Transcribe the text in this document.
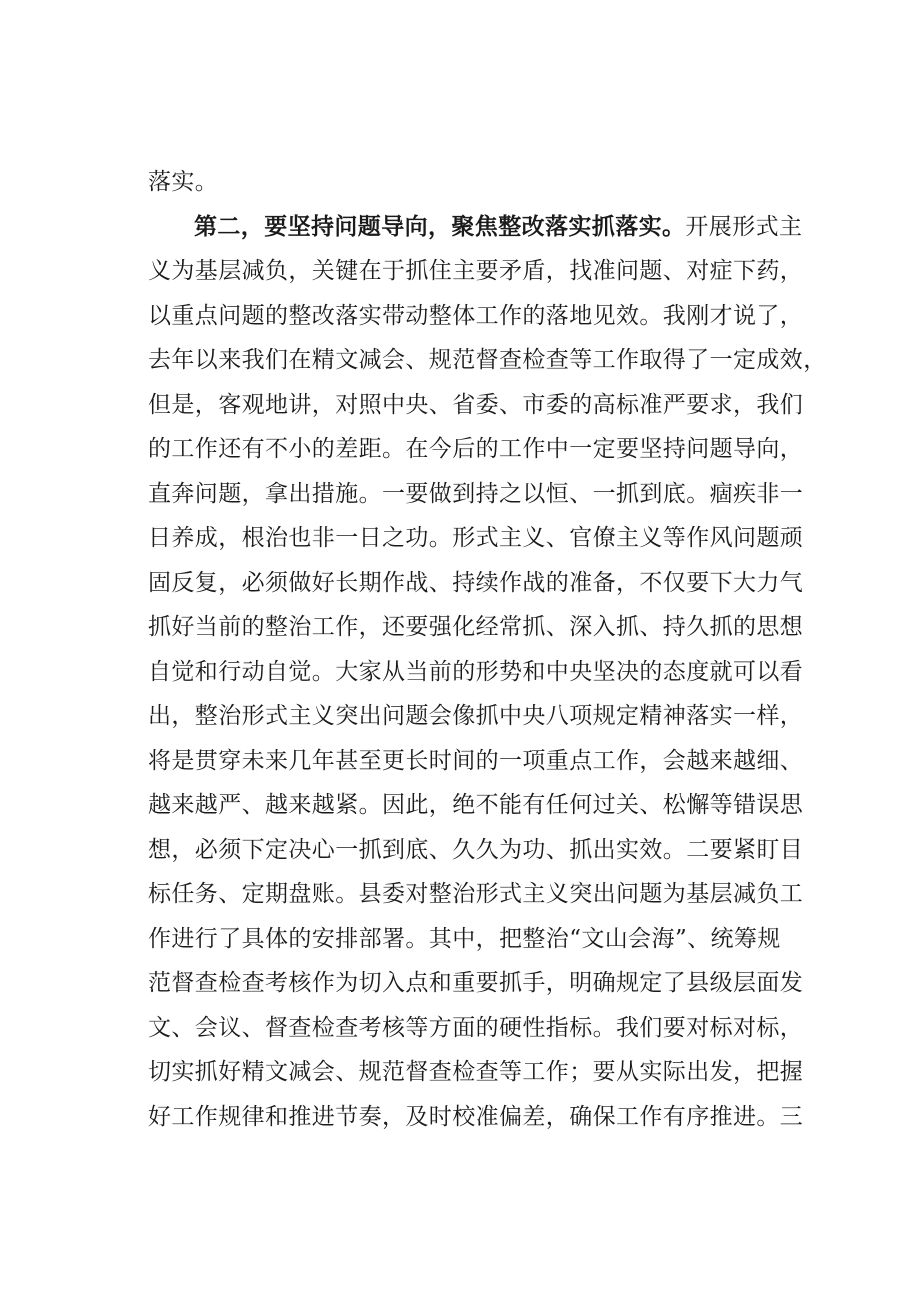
落实。
第二，要坚持问题导向，聚焦整改落实抓落实。开展形式主
义为基层减负，关键在于抓住主要矛盾，找准问题、对症下药，
以重点问题的整改落实带动整体工作的落地见效。我刚才说了，
去年以来我们在精文减会、规范督查检查等工作取得了一定成效，
但是，客观地讲，对照中央、省委、市委的高标准严要求，我们
的工作还有不小的差距。在今后的工作中一定要坚持问题导向，
直奔问题，拿出措施。一要做到持之以恒、一抓到底。痼疾非一
日养成，根治也非一日之功。形式主义、官僚主义等作风问题顽
固反复，必须做好长期作战、持续作战的准备，不仅要下大力气
抓好当前的整治工作，还要强化经常抓、深入抓、持久抓的思想
自觉和行动自觉。大家从当前的形势和中央坚决的态度就可以看
出，整治形式主义突出问题会像抓中央八项规定精神落实一样，
将是贯穿未来几年甚至更长时间的一项重点工作，会越来越细、
越来越严、越来越紧。因此，绝不能有任何过关、松懈等错误思
想，必须下定决心一抓到底、久久为功、抓出实效。二要紧盯目
标任务、定期盘账。县委对整治形式主义突出问题为基层减负工
作进行了具体的安排部署。其中，把整治“文山会海”、统筹规
范督查检查考核作为切入点和重要抓手，明确规定了县级层面发
文、会议、督查检查考核等方面的硬性指标。我们要对标对标，
切实抓好精文减会、规范督查检查等工作；要从实际出发，把握
好工作规律和推进节奏，及时校准偏差，确保工作有序推进。三
